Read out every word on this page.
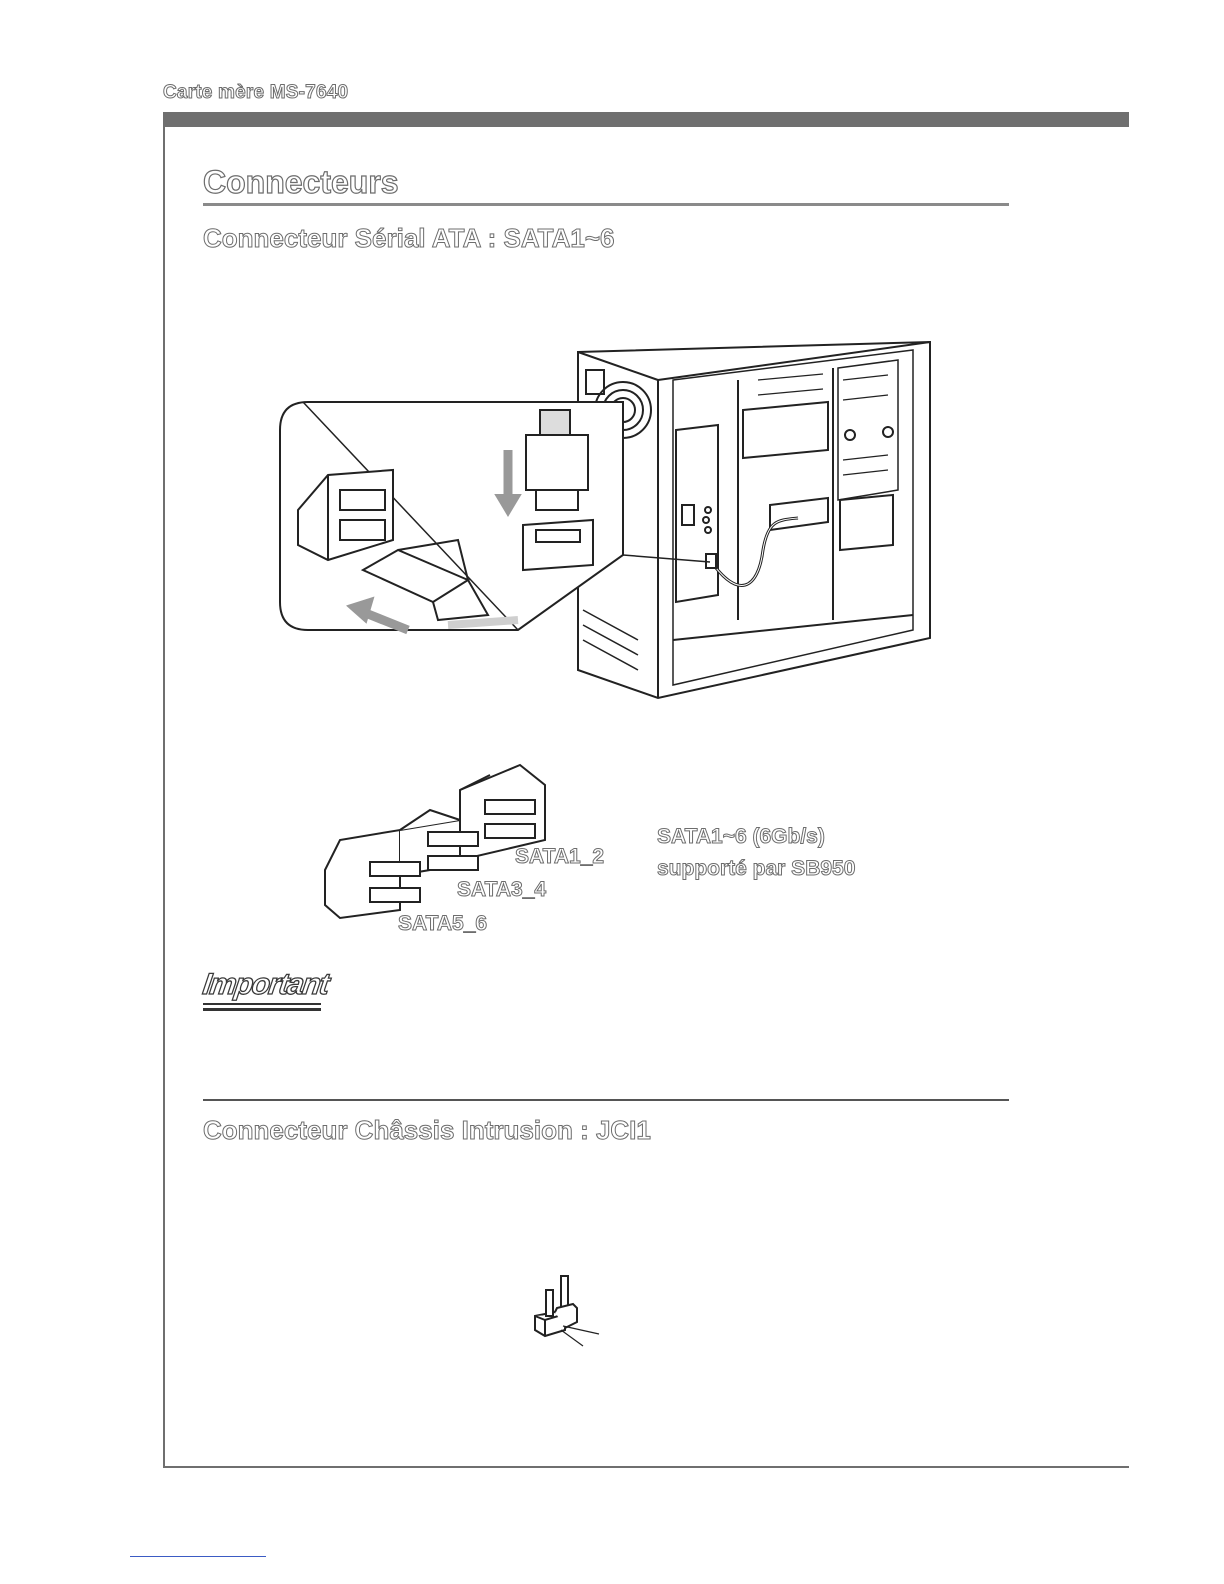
Carte mère MS-7640
Connecteurs
Connecteur Sérial ATA : SATA1~6
SATA1_2
SATA3_4
SATA5_6
SATA1~6 (6Gb/s)
supporté par SB950
Important
Connecteur Châssis Intrusion : JCI1
